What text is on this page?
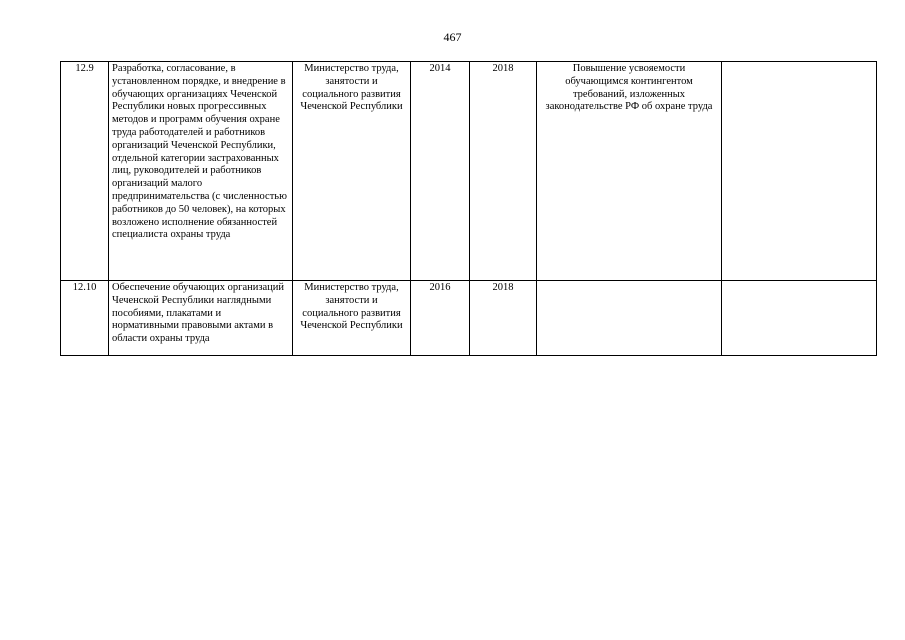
467
12.9	Разработка, согласование, в установленном порядке, и внедрение в обучающих организациях Чеченской Республики новых прогрессивных методов и программ обучения охране труда работодателей и работников организаций Чеченской Республики, отдельной категории застрахованных лиц, руководителей и работников организаций малого предпринимательства (с численностью работников до 50 человек), на которых возложено исполнение обязанностей специалиста охраны труда	Министерство труда, занятости и социального развития Чеченской Республики	2014	2018	Повышение усвояемости обучающимся контингентом требований, изложенных законодательстве РФ об охране труда	
12.10	Обеспечение обучающих организаций Чеченской Республики наглядными пособиями, плакатами и нормативными правовыми актами в области охраны труда	Министерство труда, занятости и социального развития Чеченской Республики	2016	2018		
